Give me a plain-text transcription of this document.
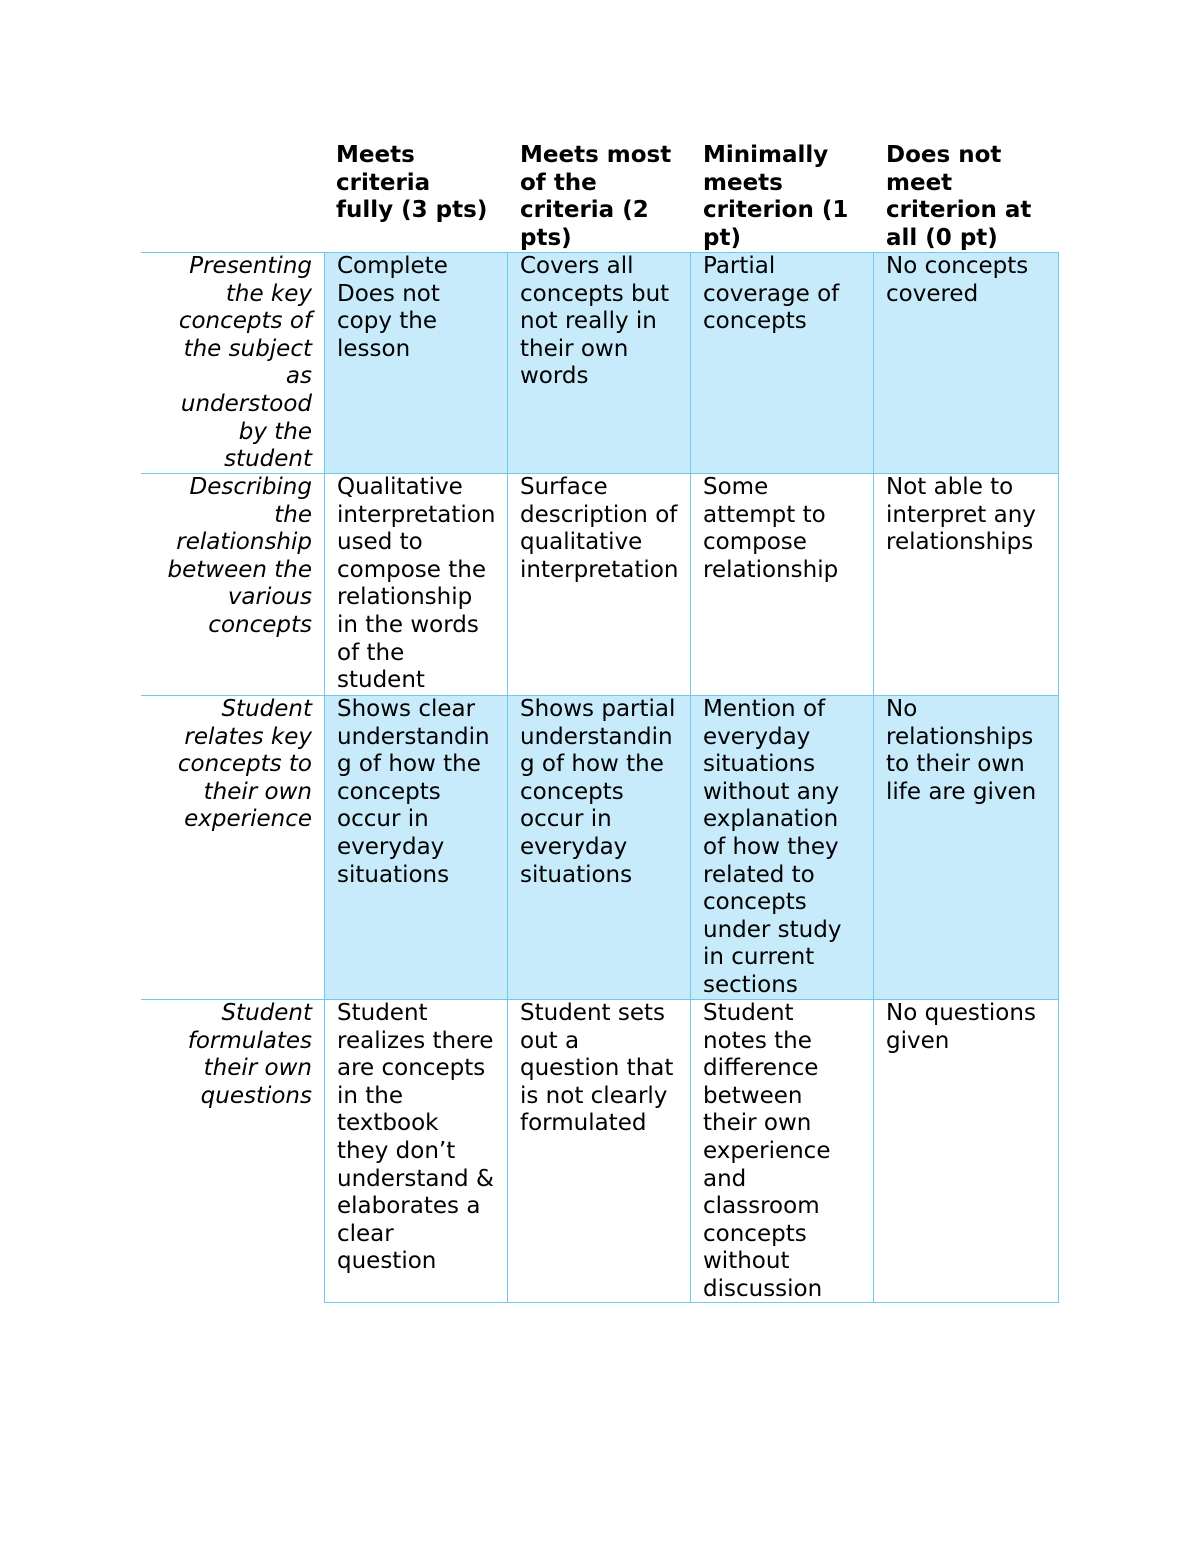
Meets
criteria
fully (3 pts)
Meets most
of the
criteria (2
pts)
Minimally
meets
criterion (1
pt)
Does not
meet
criterion at
all (0 pt)
Presenting
the key
concepts of
the subject
as
understood
by the
student
Complete
Does not
copy the
lesson
Covers all
concepts but
not really in
their own
words
Partial
coverage of
concepts
No concepts
covered
Describing
the
relationship
between the
various
concepts
Qualitative
interpretation
used to
compose the
relationship
in the words
of the
student
Surface
description of
qualitative
interpretation
Some
attempt to
compose
relationship
Not able to
interpret any
relationships
Student
relates key
concepts to
their own
experience
Shows clear
understandin
g of how the
concepts
occur in
everyday
situations
Shows partial
understandin
g of how the
concepts
occur in
everyday
situations
Mention of
everyday
situations
without any
explanation
of how they
related to
concepts
under study
in current
sections
No
relationships
to their own
life are given
Student
formulates
their own
questions
Student
realizes there
are concepts
in the
textbook
they don’t
understand &
elaborates a
clear
question
Student sets
out a
question that
is not clearly
formulated
Student
notes the
difference
between
their own
experience
and
classroom
concepts
without
discussion
No questions
given
